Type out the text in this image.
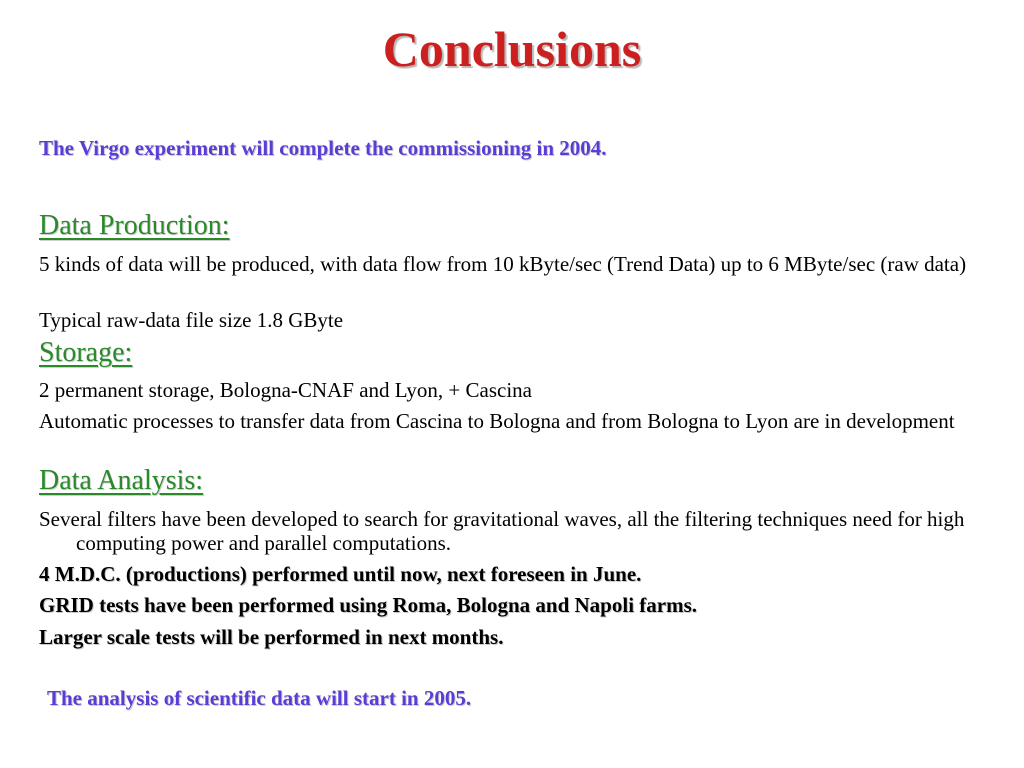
Conclusions
The Virgo experiment will complete the commissioning in 2004.
Data Production:
5 kinds of data will be produced, with data flow from 10 kByte/sec (Trend Data) up to 6 MByte/sec (raw data)
Typical raw-data file size 1.8 GByte
Storage:
2 permanent storage, Bologna-CNAF and Lyon, + Cascina
Automatic processes to transfer data from Cascina to Bologna and from Bologna to Lyon are in development
Data Analysis:
Several filters have been developed to search for gravitational waves, all the filtering techniques need for high computing power and parallel computations.
4 M.D.C. (productions) performed until now, next foreseen in June.
GRID tests have been performed using Roma, Bologna and Napoli farms.
Larger scale tests will be performed in next months.
The analysis of scientific data will start in 2005.
